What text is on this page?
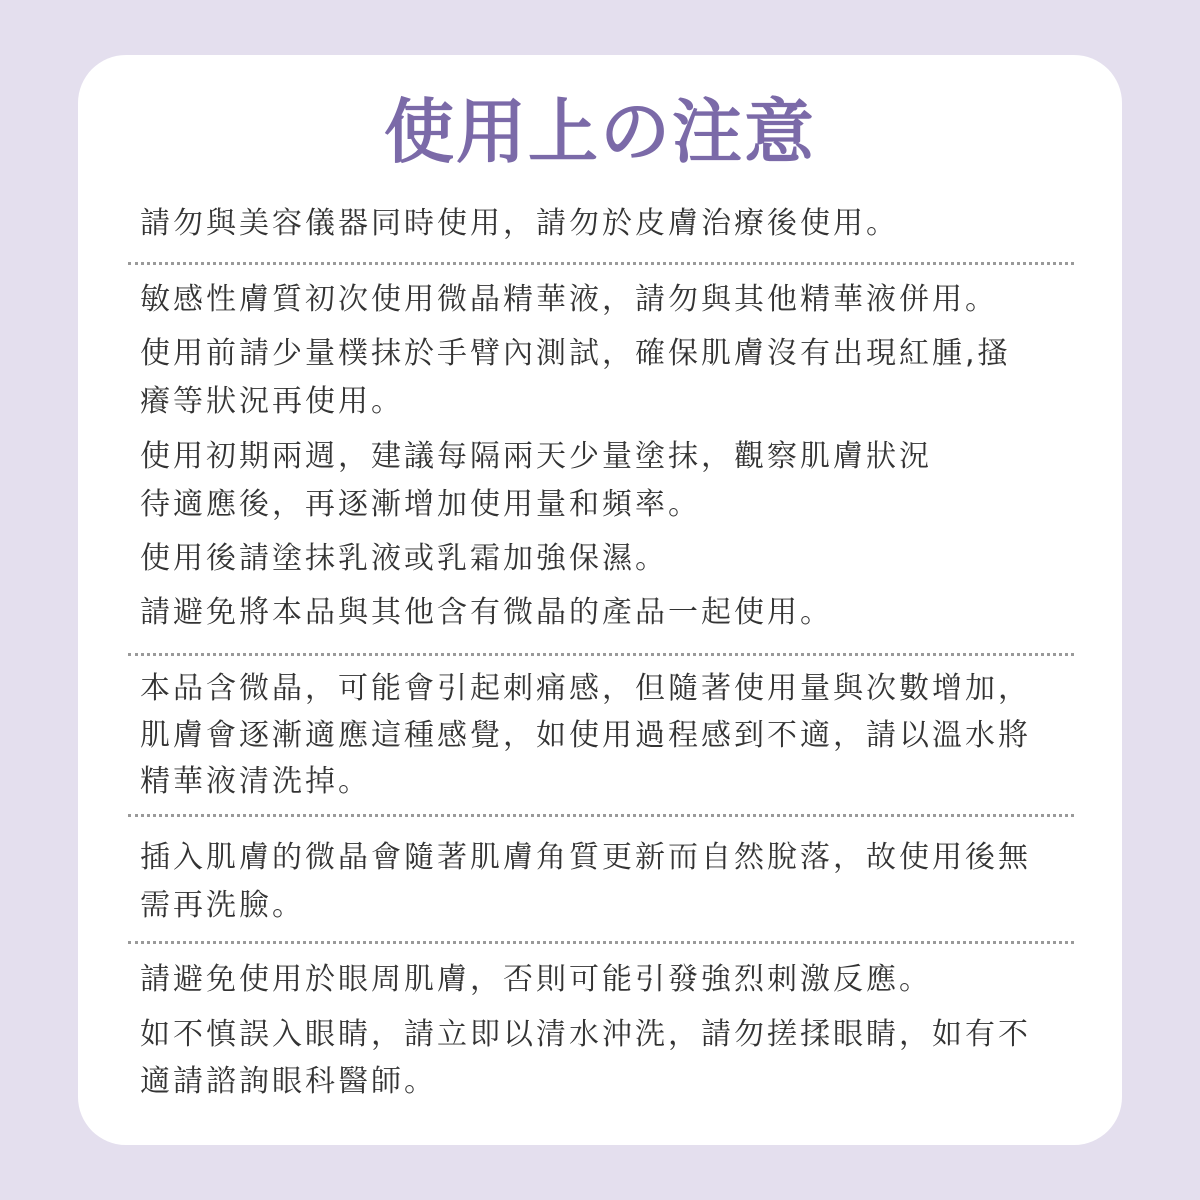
使用上の注意
請勿與美容儀器同時使用，請勿於皮膚治療後使用。
敏感性膚質初次使用微晶精華液，請勿與其他精華液併用。
使用前請少量樸抹於手臂內測試，確保肌膚沒有出現紅腫,搔
癢等狀況再使用。
使用初期兩週，建議每隔兩天少量塗抹，觀察肌膚狀況
待適應後，再逐漸增加使用量和頻率。
使用後請塗抹乳液或乳霜加強保濕。
請避免將本品與其他含有微晶的產品一起使用。
本品含微晶，可能會引起刺痛感，但隨著使用量與次數增加，
肌膚會逐漸適應這種感覺，如使用過程感到不適，請以溫水將
精華液清洗掉。
插入肌膚的微晶會隨著肌膚角質更新而自然脫落，故使用後無
需再洗臉。
請避免使用於眼周肌膚，否則可能引發強烈刺激反應。
如不慎誤入眼睛，請立即以清水沖洗，請勿搓揉眼睛，如有不
適請諮詢眼科醫師。
